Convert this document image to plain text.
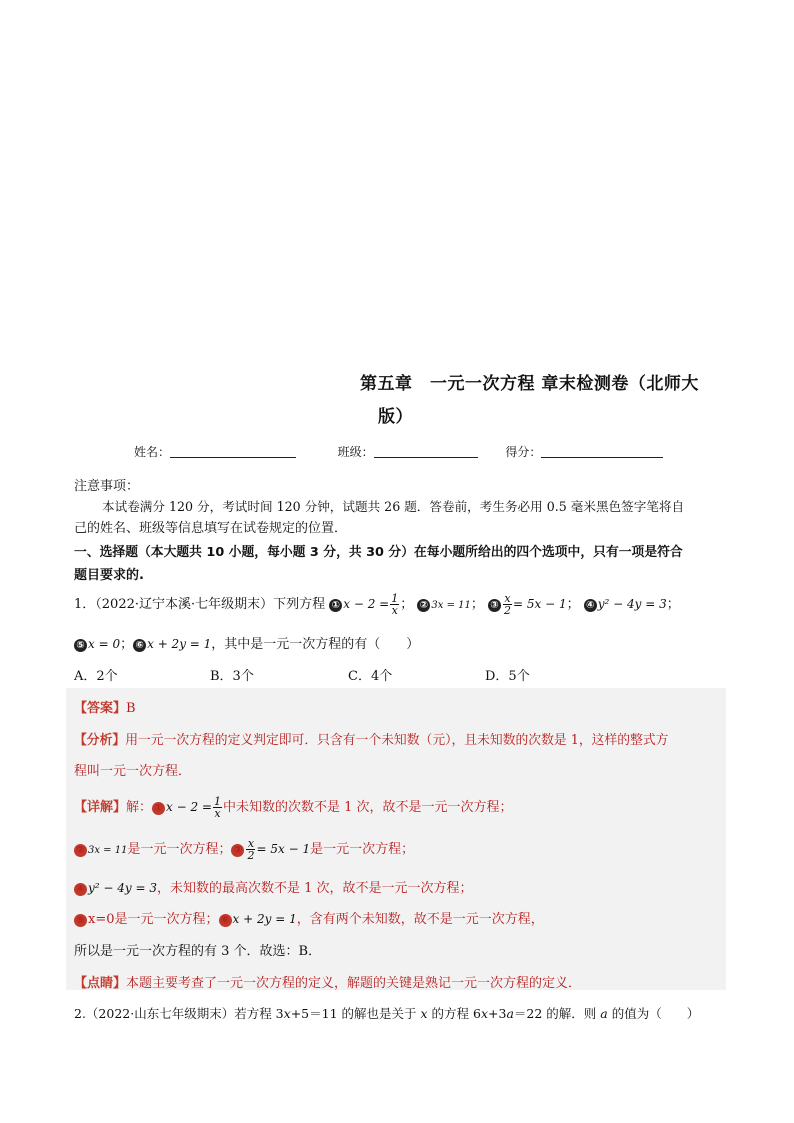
第五章　一元一次方程 章末检测卷（北师大
版）
姓名：	班级：	得分：
注意事项：
本试卷满分 120 分，考试时间 120 分钟，试题共 26 题．答卷前，考生务必用 0.5 毫米黑色签字笔将自
己的姓名、班级等信息填写在试卷规定的位置．
一、选择题（本大题共 10 小题，每小题 3 分，共 30 分）在每小题所给出的四个选项中，只有一项是符合
题目要求的.
1．（2022·辽宁本溪·七年级期末）下列方程 ① $x - 2 = \frac{1}{x}$ ； ② 3x = 11； ③ $\frac{x}{2} = 5x - 1$； ④ y² − 4y = 3；
⑤ x = 0； ⑥ x + 2y = 1，其中是一元一次方程的有（　　）
A．2个	B．3个	C．4个	D．5个
【答案】B
【分析】用一元一次方程的定义判定即可．只含有一个未知数（元），且未知数的次数是 1，这样的整式方
程叫一元一次方程．
【详解】解： ① $x - 2 = \frac{1}{x}$ 中未知数的次数不是 1 次，故不是一元一次方程；
② 3x = 11是一元一次方程； ③ $\frac{x}{2} = 5x - 1$是一元一次方程；
④ y² − 4y = 3，未知数的最高次数不是 1 次，故不是一元一次方程；
⑤ x=0是一元一次方程； ⑥ x + 2y = 1，含有两个未知数，故不是一元一次方程，
所以是一元一次方程的有 3 个．故选：B．
【点睛】本题主要考查了一元一次方程的定义，解题的关键是熟记一元一次方程的定义．
2.（2022·山东七年级期末）若方程 3x+5＝11 的解也是关于 x 的方程 6x+3a＝22 的解．则 a 的值为（　　）
